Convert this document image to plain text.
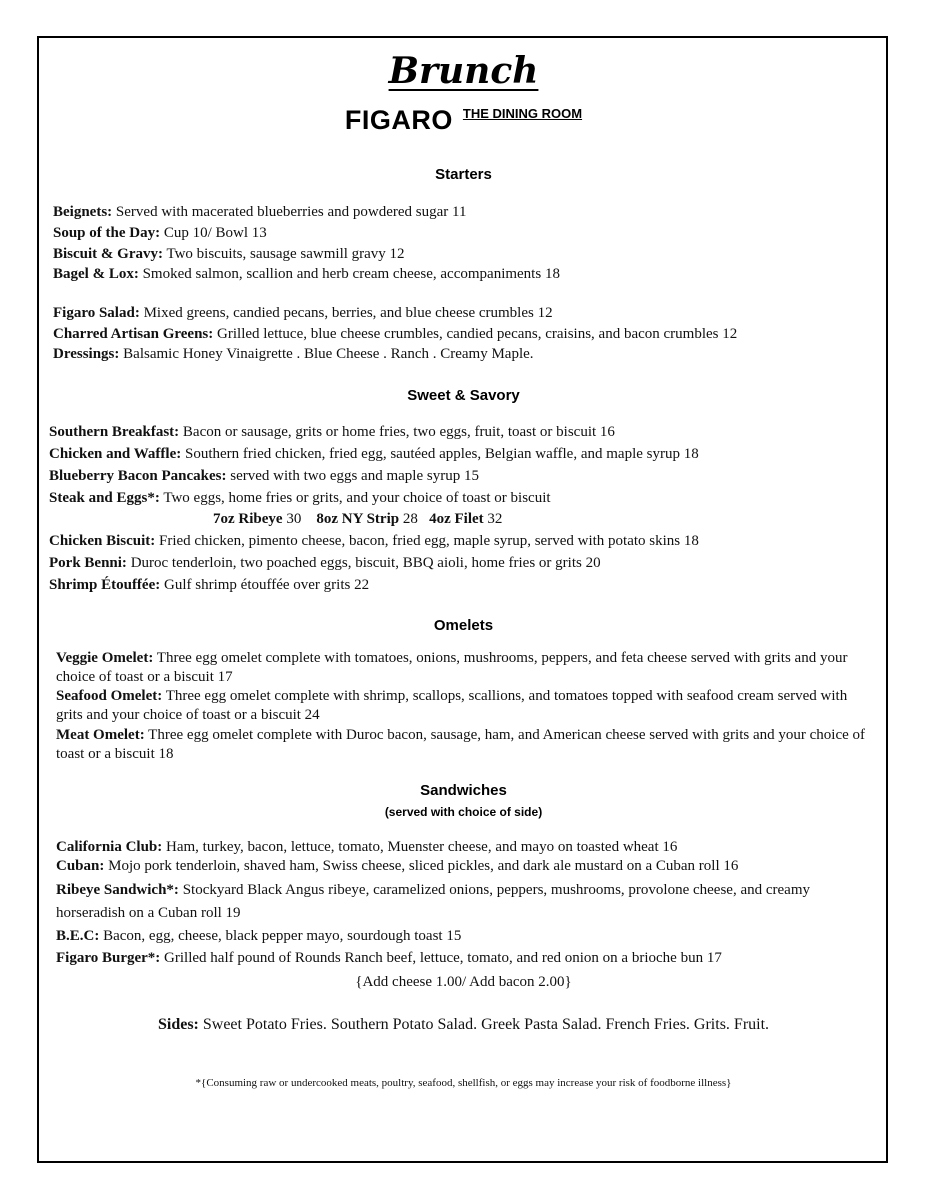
Brunch
FIGARO $^{THE DINING ROOM}$
Starters
Beignets: Served with macerated blueberries and powdered sugar 11
Soup of the Day: Cup 10/ Bowl 13
Biscuit & Gravy: Two biscuits, sausage sawmill gravy 12
Bagel & Lox: Smoked salmon, scallion and herb cream cheese, accompaniments 18
Figaro Salad: Mixed greens, candied pecans, berries, and blue cheese crumbles 12
Charred Artisan Greens: Grilled lettuce, blue cheese crumbles, candied pecans, craisins, and bacon crumbles 12
Dressings: Balsamic Honey Vinaigrette . Blue Cheese . Ranch . Creamy Maple.
Sweet & Savory
Southern Breakfast: Bacon or sausage, grits or home fries, two eggs, fruit, toast or biscuit 16
Chicken and Waffle: Southern fried chicken, fried egg, sautéed apples, Belgian waffle, and maple syrup 18
Blueberry Bacon Pancakes: served with two eggs and maple syrup 15
Steak and Eggs*: Two eggs, home fries or grits, and your choice of toast or biscuit
7oz Ribeye 30 8oz NY Strip 28 4oz Filet 32
Chicken Biscuit: Fried chicken, pimento cheese, bacon, fried egg, maple syrup, served with potato skins 18
Pork Benni: Duroc tenderloin, two poached eggs, biscuit, BBQ aioli, home fries or grits 20
Shrimp Étouffée: Gulf shrimp étouffée over grits 22
Omelets
Veggie Omelet: Three egg omelet complete with tomatoes, onions, mushrooms, peppers, and feta cheese served with grits and your choice of toast or a biscuit 17
Seafood Omelet: Three egg omelet complete with shrimp, scallops, scallions, and tomatoes topped with seafood cream served with grits and your choice of toast or a biscuit 24
Meat Omelet: Three egg omelet complete with Duroc bacon, sausage, ham, and American cheese served with grits and your choice of toast or a biscuit 18
Sandwiches
(served with choice of side)
California Club: Ham, turkey, bacon, lettuce, tomato, Muenster cheese, and mayo on toasted wheat 16
Cuban: Mojo pork tenderloin, shaved ham, Swiss cheese, sliced pickles, and dark ale mustard on a Cuban roll 16
Ribeye Sandwich*: Stockyard Black Angus ribeye, caramelized onions, peppers, mushrooms, provolone cheese, and creamy horseradish on a Cuban roll 19
B.E.C: Bacon, egg, cheese, black pepper mayo, sourdough toast 15
Figaro Burger*: Grilled half pound of Rounds Ranch beef, lettuce, tomato, and red onion on a brioche bun 17
{Add cheese 1.00/ Add bacon 2.00}
Sides: Sweet Potato Fries. Southern Potato Salad. Greek Pasta Salad. French Fries. Grits. Fruit.
*{Consuming raw or undercooked meats, poultry, seafood, shellfish, or eggs may increase your risk of foodborne illness}
